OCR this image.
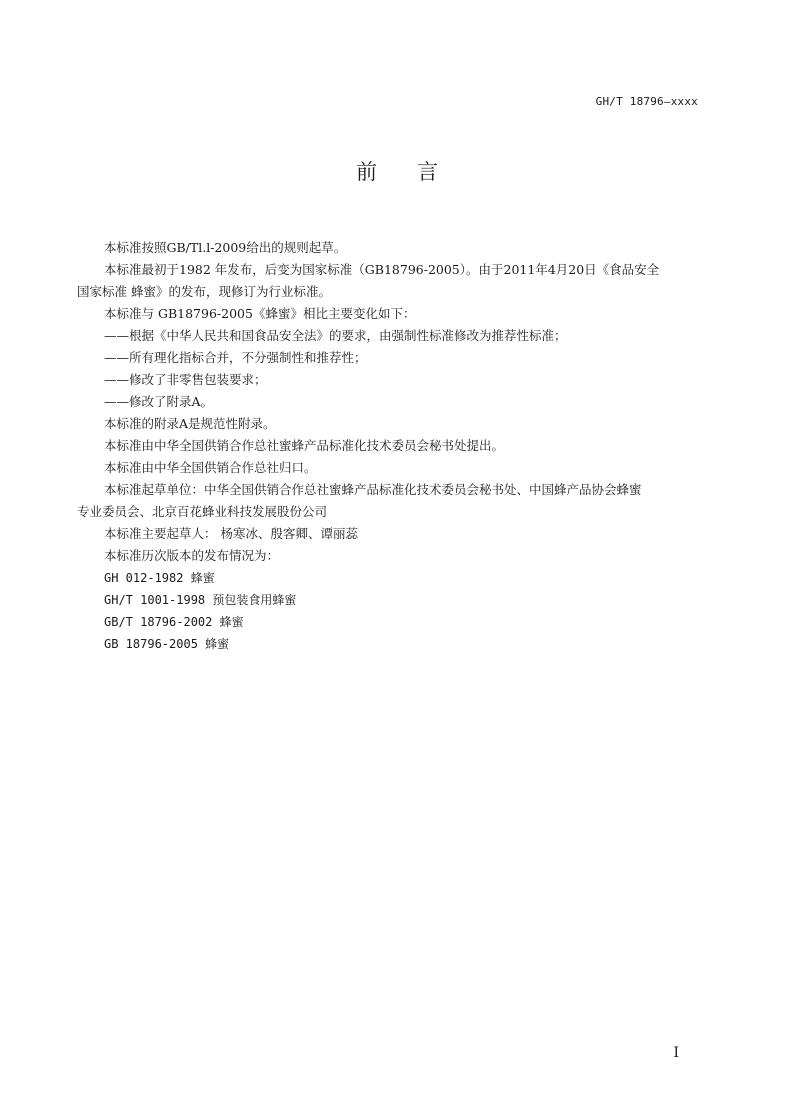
GH/T 18796—xxxx
前 言
本标准按照GB/Tl.l-2009给出的规则起草。
本标准最初于1982 年发布，后变为国家标准（GB18796-2005）。由于2011年4月20日《食品安全
国家标准 蜂蜜》的发布，现修订为行业标准。
本标准与 GB18796-2005《蜂蜜》相比主要变化如下：
——根据《中华人民共和国食品安全法》的要求，由强制性标准修改为推荐性标准；
——所有理化指标合并，不分强制性和推荐性；
——修改了非零售包装要求；
——修改了附录A。
本标准的附录A是规范性附录。
本标准由中华全国供销合作总社蜜蜂产品标准化技术委员会秘书处提出。
本标准由中华全国供销合作总社归口。
本标准起草单位：中华全国供销合作总社蜜蜂产品标准化技术委员会秘书处、中国蜂产品协会蜂蜜
专业委员会、北京百花蜂业科技发展股份公司
本标准主要起草人： 杨寒冰、殷客卿、谭丽蕊
本标准历次版本的发布情况为：
GH 012-1982 蜂蜜
GH/T 1001-1998 预包装食用蜂蜜
GB/T 18796-2002 蜂蜜
GB 18796-2005 蜂蜜
I
